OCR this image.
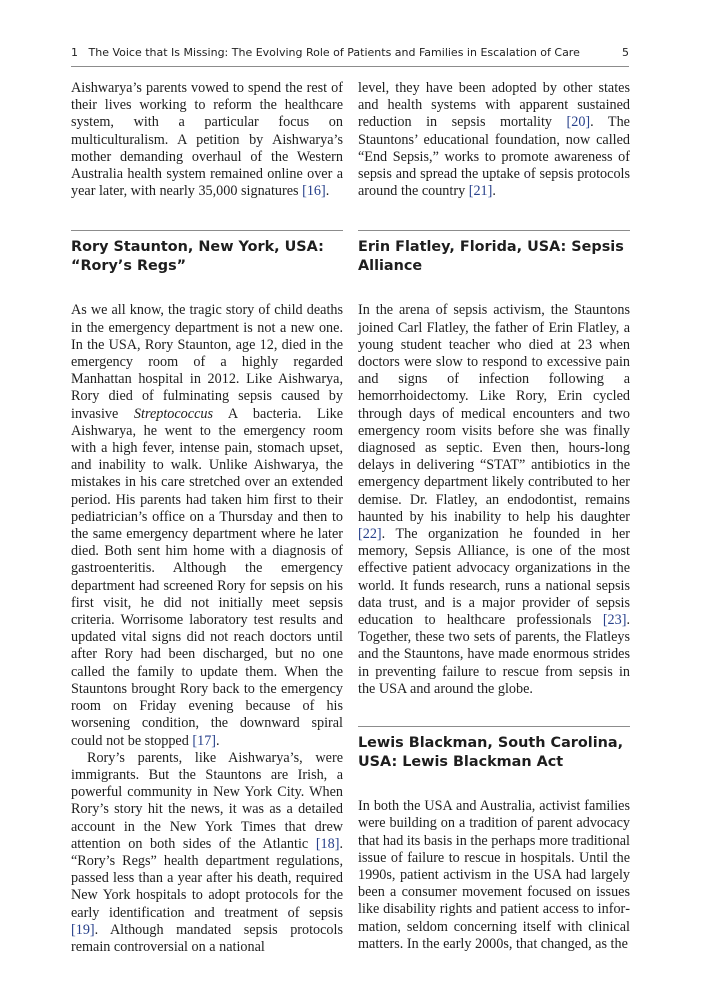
1 The Voice that Is Missing: The Evolving Role of Patients and Families in Escalation of Care	5

Aishwarya’s parents vowed to spend the rest of their lives working to reform the healthcare system, with a particular focus on multiculturalism. A petition by Aishwarya’s mother demanding overhaul of the Western Australia health system remained online over a year later, with nearly 35,000 signatures [16].

Rory Staunton, New York, USA:
“Rory’s Regs”

As we all know, the tragic story of child deaths in the emergency department is not a new one. In the USA, Rory Staunton, age 12, died in the emergency room of a highly regarded Manhattan hospital in 2012. Like Aishwarya, Rory died of fulminating sepsis caused by invasive Streptococcus A bacteria. Like Aishwarya, he went to the emergency room with a high fever, intense pain, stomach upset, and inability to walk. Unlike Aishwarya, the mistakes in his care stretched over an extended period. His parents had taken him first to their pediatrician’s office on a Thursday and then to the same emergency department where he later died. Both sent him home with a diagnosis of gastroenteritis. Although the emergency department had screened Rory for sepsis on his first visit, he did not initially meet sepsis criteria. Worrisome laboratory test results and updated vital signs did not reach doctors until after Rory had been discharged, but no one called the family to update them. When the Stauntons brought Rory back to the emergency room on Friday evening because of his worsening condition, the downward spiral could not be stopped [17].

Rory’s parents, like Aishwarya’s, were immigrants. But the Stauntons are Irish, a powerful community in New York City. When Rory’s story hit the news, it was as a detailed account in the New York Times that drew attention on both sides of the Atlantic [18]. “Rory’s Regs” health department regulations, passed less than a year after his death, required New York hospitals to adopt protocols for the early identification and treatment of sepsis [19]. Although mandated sepsis protocols remain controversial on a national

level, they have been adopted by other states and health systems with apparent sustained reduction in sepsis mortality [20]. The Stauntons’ educational foundation, now called “End Sepsis,” works to promote awareness of sepsis and spread the uptake of sepsis protocols around the country [21].

Erin Flatley, Florida, USA: Sepsis
Alliance

In the arena of sepsis activism, the Stauntons joined Carl Flatley, the father of Erin Flatley, a young student teacher who died at 23 when doctors were slow to respond to excessive pain and signs of infection following a hemorrhoidectomy. Like Rory, Erin cycled through days of medical encounters and two emergency room visits before she was finally diagnosed as septic. Even then, hours-long delays in delivering “STAT” antibiotics in the emergency department likely contributed to her demise. Dr. Flatley, an endodontist, remains haunted by his inability to help his daughter [22]. The organization he founded in her memory, Sepsis Alliance, is one of the most effective patient advocacy organizations in the world. It funds research, runs a national sepsis data trust, and is a major provider of sepsis education to healthcare professionals [23]. Together, these two sets of parents, the Flatleys and the Stauntons, have made enormous strides in preventing failure to rescue from sepsis in the USA and around the globe.

Lewis Blackman, South Carolina,
USA: Lewis Blackman Act

In both the USA and Australia, activist families were building on a tradition of parent advocacy that had its basis in the perhaps more traditional issue of failure to rescue in hospitals. Until the 1990s, patient activism in the USA had largely been a consumer movement focused on issues like disability rights and patient access to information, seldom concerning itself with clinical matters. In the early 2000s, that changed, as the
